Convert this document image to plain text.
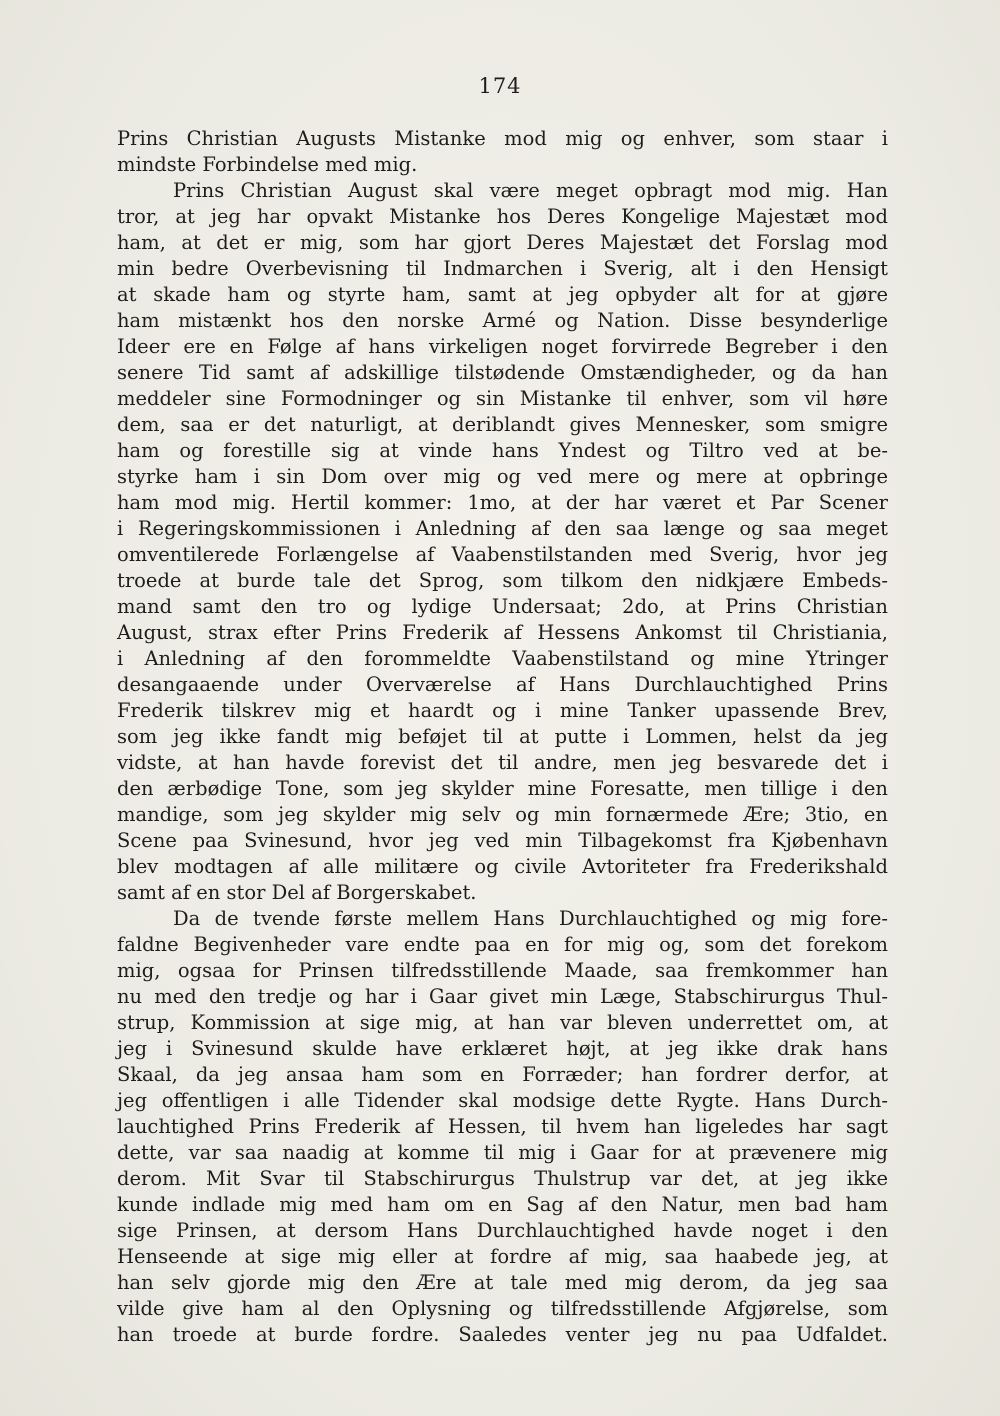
174
Prins Christian Augusts Mistanke mod mig og enhver, som staar i
mindste Forbindelse med mig.
Prins Christian August skal være meget opbragt mod mig. Han
tror, at jeg har opvakt Mistanke hos Deres Kongelige Majestæt mod
ham, at det er mig, som har gjort Deres Majestæt det Forslag mod
min bedre Overbevisning til Indmarchen i Sverig, alt i den Hensigt
at skade ham og styrte ham, samt at jeg opbyder alt for at gjøre
ham mistænkt hos den norske Armé og Nation. Disse besynderlige
Ideer ere en Følge af hans virkeligen noget forvirrede Begreber i den
senere Tid samt af adskillige tilstødende Omstændigheder, og da han
meddeler sine Formodninger og sin Mistanke til enhver, som vil høre
dem, saa er det naturligt, at deriblandt gives Mennesker, som smigre
ham og forestille sig at vinde hans Yndest og Tiltro ved at be-
styrke ham i sin Dom over mig og ved mere og mere at opbringe
ham mod mig. Hertil kommer: 1mo, at der har været et Par Scener
i Regeringskommissionen i Anledning af den saa længe og saa meget
omventilerede Forlængelse af Vaabenstilstanden med Sverig, hvor jeg
troede at burde tale det Sprog, som tilkom den nidkjære Embeds-
mand samt den tro og lydige Undersaat; 2do, at Prins Christian
August, strax efter Prins Frederik af Hessens Ankomst til Christiania,
i Anledning af den forommeldte Vaabenstilstand og mine Ytringer
desangaaende under Overværelse af Hans Durchlauchtighed Prins
Frederik tilskrev mig et haardt og i mine Tanker upassende Brev,
som jeg ikke fandt mig beføjet til at putte i Lommen, helst da jeg
vidste, at han havde forevist det til andre, men jeg besvarede det i
den ærbødige Tone, som jeg skylder mine Foresatte, men tillige i den
mandige, som jeg skylder mig selv og min fornærmede Ære; 3tio, en
Scene paa Svinesund, hvor jeg ved min Tilbagekomst fra Kjøbenhavn
blev modtagen af alle militære og civile Avtoriteter fra Frederikshald
samt af en stor Del af Borgerskabet.
Da de tvende første mellem Hans Durchlauchtighed og mig fore-
faldne Begivenheder vare endte paa en for mig og, som det forekom
mig, ogsaa for Prinsen tilfredsstillende Maade, saa fremkommer han
nu med den tredje og har i Gaar givet min Læge, Stabschirurgus Thul-
strup, Kommission at sige mig, at han var bleven underrettet om, at
jeg i Svinesund skulde have erklæret højt, at jeg ikke drak hans
Skaal, da jeg ansaa ham som en Forræder; han fordrer derfor, at
jeg offentligen i alle Tidender skal modsige dette Rygte. Hans Durch-
lauchtighed Prins Frederik af Hessen, til hvem han ligeledes har sagt
dette, var saa naadig at komme til mig i Gaar for at prævenere mig
derom. Mit Svar til Stabschirurgus Thulstrup var det, at jeg ikke
kunde indlade mig med ham om en Sag af den Natur, men bad ham
sige Prinsen, at dersom Hans Durchlauchtighed havde noget i den
Henseende at sige mig eller at fordre af mig, saa haabede jeg, at
han selv gjorde mig den Ære at tale med mig derom, da jeg saa
vilde give ham al den Oplysning og tilfredsstillende Afgjørelse, som
han troede at burde fordre. Saaledes venter jeg nu paa Udfaldet.
